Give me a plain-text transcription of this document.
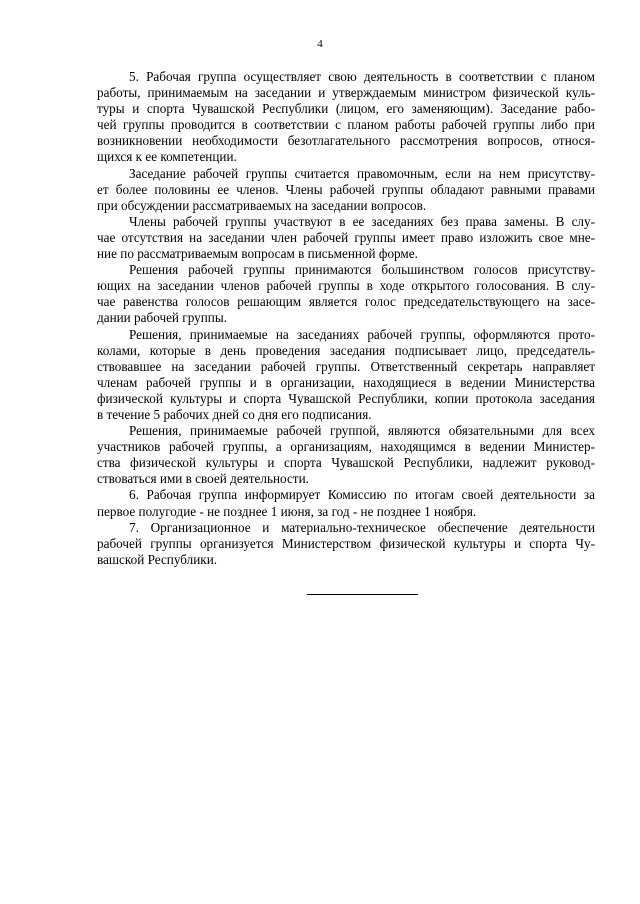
4
5. Рабочая группа осуществляет свою деятельность в соответствии с планом
работы, принимаемым на заседании и утверждаемым министром физической куль-
туры и спорта Чувашской Республики (лицом, его заменяющим). Заседание рабо-
чей группы проводится в соответствии с планом работы рабочей группы либо при
возникновении необходимости безотлагательного рассмотрения вопросов, относя-
щихся к ее компетенции.
Заседание рабочей группы считается правомочным, если на нем присутству-
ет более половины ее членов. Члены рабочей группы обладают равными правами
при обсуждении рассматриваемых на заседании вопросов.
Члены рабочей группы участвуют в ее заседаниях без права замены. В слу-
чае отсутствия на заседании член рабочей группы имеет право изложить свое мне-
ние по рассматриваемым вопросам в письменной форме.
Решения рабочей группы принимаются большинством голосов присутству-
ющих на заседании членов рабочей группы в ходе открытого голосования. В слу-
чае равенства голосов решающим является голос председательствующего на засе-
дании рабочей группы.
Решения, принимаемые на заседаниях рабочей группы, оформляются прото-
колами, которые в день проведения заседания подписывает лицо, председатель-
ствовавшее на заседании рабочей группы. Ответственный секретарь направляет
членам рабочей группы и в организации, находящиеся в ведении Министерства
физической культуры и спорта Чувашской Республики, копии протокола заседания
в течение 5 рабочих дней со дня его подписания.
Решения, принимаемые рабочей группой, являются обязательными для всех
участников рабочей группы, а организациям, находящимся в ведении Министер-
ства физической культуры и спорта Чувашской Республики, надлежит руковод-
ствоваться ими в своей деятельности.
6. Рабочая группа информирует Комиссию по итогам своей деятельности за
первое полугодие - не позднее 1 июня, за год - не позднее 1 ноября.
7. Организационное и материально-техническое обеспечение деятельности
рабочей группы организуется Министерством физической культуры и спорта Чу-
вашской Республики.
